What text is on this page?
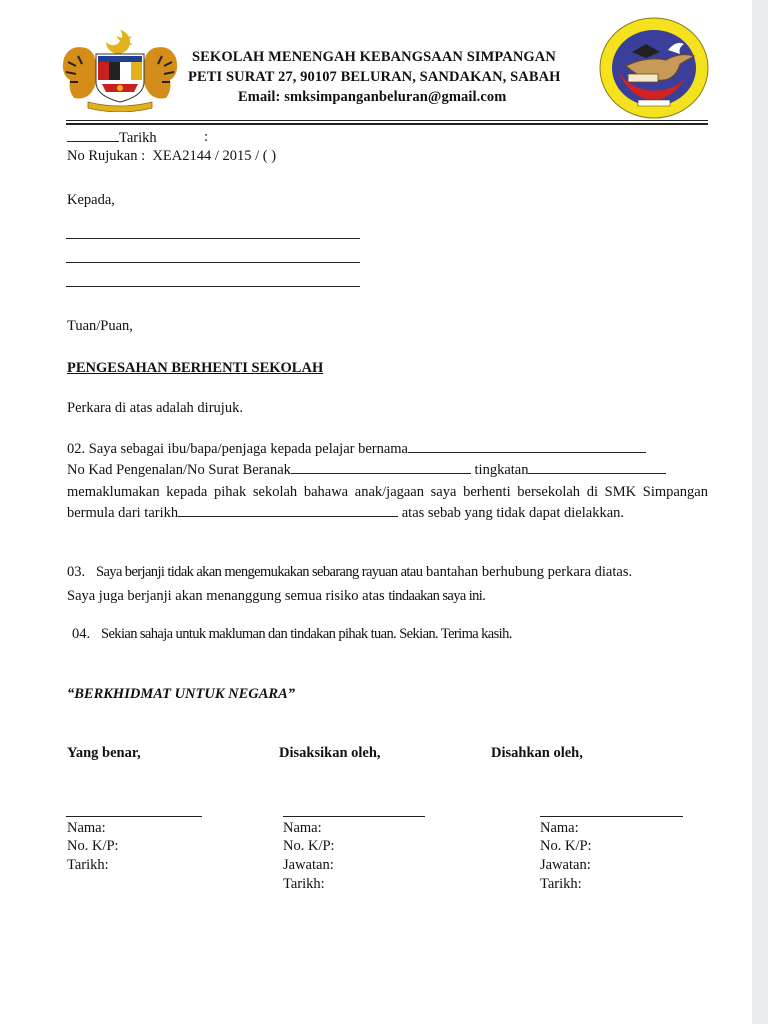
SEKOLAH MENENGAH KEBANGSAAN SIMPANGAN
PETI SURAT 27, 90107 BELURAN, SANDAKAN, SABAH
Email: smksimpanganbeluran@gmail.com
Tarikh	:
No Rujukan : XEA2144 / 2015 / ( )
Kepada,
Tuan/Puan,
PENGESAHAN BERHENTI SEKOLAH
Perkara di atas adalah dirujuk.
02. Saya sebagai ibu/bapa/penjaga kepada pelajar bernama
No Kad Pengenalan/No Surat Beranak	tingkatan
memaklumakan kepada pihak sekolah bahawa anak/jagaan saya berhenti bersekolah di SMK Simpangan bermula dari tarikh	atas sebab yang tidak dapat dielakkan.
03. Saya berjanji tidak akan mengemukakan sebarang rayuan atau bantahan berhubung perkara diatas.
Saya juga berjanji akan menanggung semua risiko atas tindaakan saya ini.
04. Sekian sahaja untuk makluman dan tindakan pihak tuan. Sekian. Terima kasih.
“BERKHIDMAT UNTUK NEGARA”
Yang benar,
Nama:
No. K/P:
Tarikh:
Disaksikan oleh,
Nama:
No. K/P:
Jawatan:
Tarikh:
Disahkan oleh,
Nama:
No. K/P:
Jawatan:
Tarikh:
